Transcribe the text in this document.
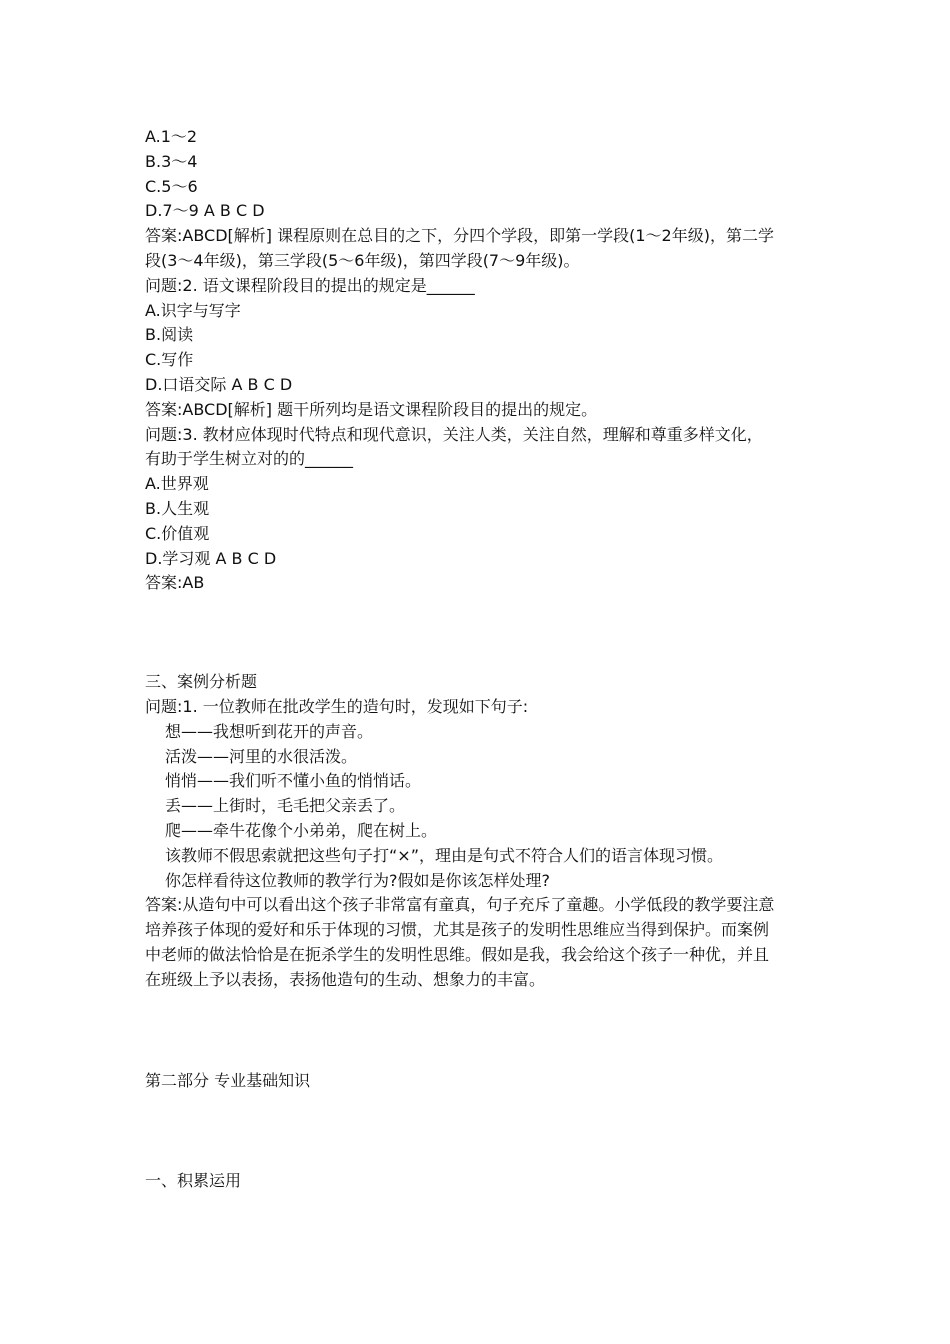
A.1～2
B.3～4
C.5～6
D.7～9 A B C D
答案:ABCD[解析] 课程原则在总目的之下，分四个学段，即第一学段(1～2年级)，第二学
段(3～4年级)，第三学段(5～6年级)，第四学段(7～9年级)。
问题:2. 语文课程阶段目的提出的规定是______
A.识字与写字
B.阅读
C.写作
D.口语交际 A B C D
答案:ABCD[解析] 题干所列均是语文课程阶段目的提出的规定。
问题:3. 教材应体现时代特点和现代意识，关注人类，关注自然，理解和尊重多样文化，
有助于学生树立对的的______
A.世界观
B.人生观
C.价值观
D.学习观 A B C D
答案:AB
三、案例分析题
问题:1. 一位教师在批改学生的造句时，发现如下句子:
想——我想听到花开的声音。
活泼——河里的水很活泼。
悄悄——我们听不懂小鱼的悄悄话。
丢——上街时，毛毛把父亲丢了。
爬——牵牛花像个小弟弟，爬在树上。
该教师不假思索就把这些句子打“×”，理由是句式不符合人们的语言体现习惯。
你怎样看待这位教师的教学行为?假如是你该怎样处理?
答案:从造句中可以看出这个孩子非常富有童真，句子充斥了童趣。小学低段的教学要注意
培养孩子体现的爱好和乐于体现的习惯，尤其是孩子的发明性思维应当得到保护。而案例
中老师的做法恰恰是在扼杀学生的发明性思维。假如是我，我会给这个孩子一种优，并且
在班级上予以表扬，表扬他造句的生动、想象力的丰富。
第二部分 专业基础知识
一、积累运用
